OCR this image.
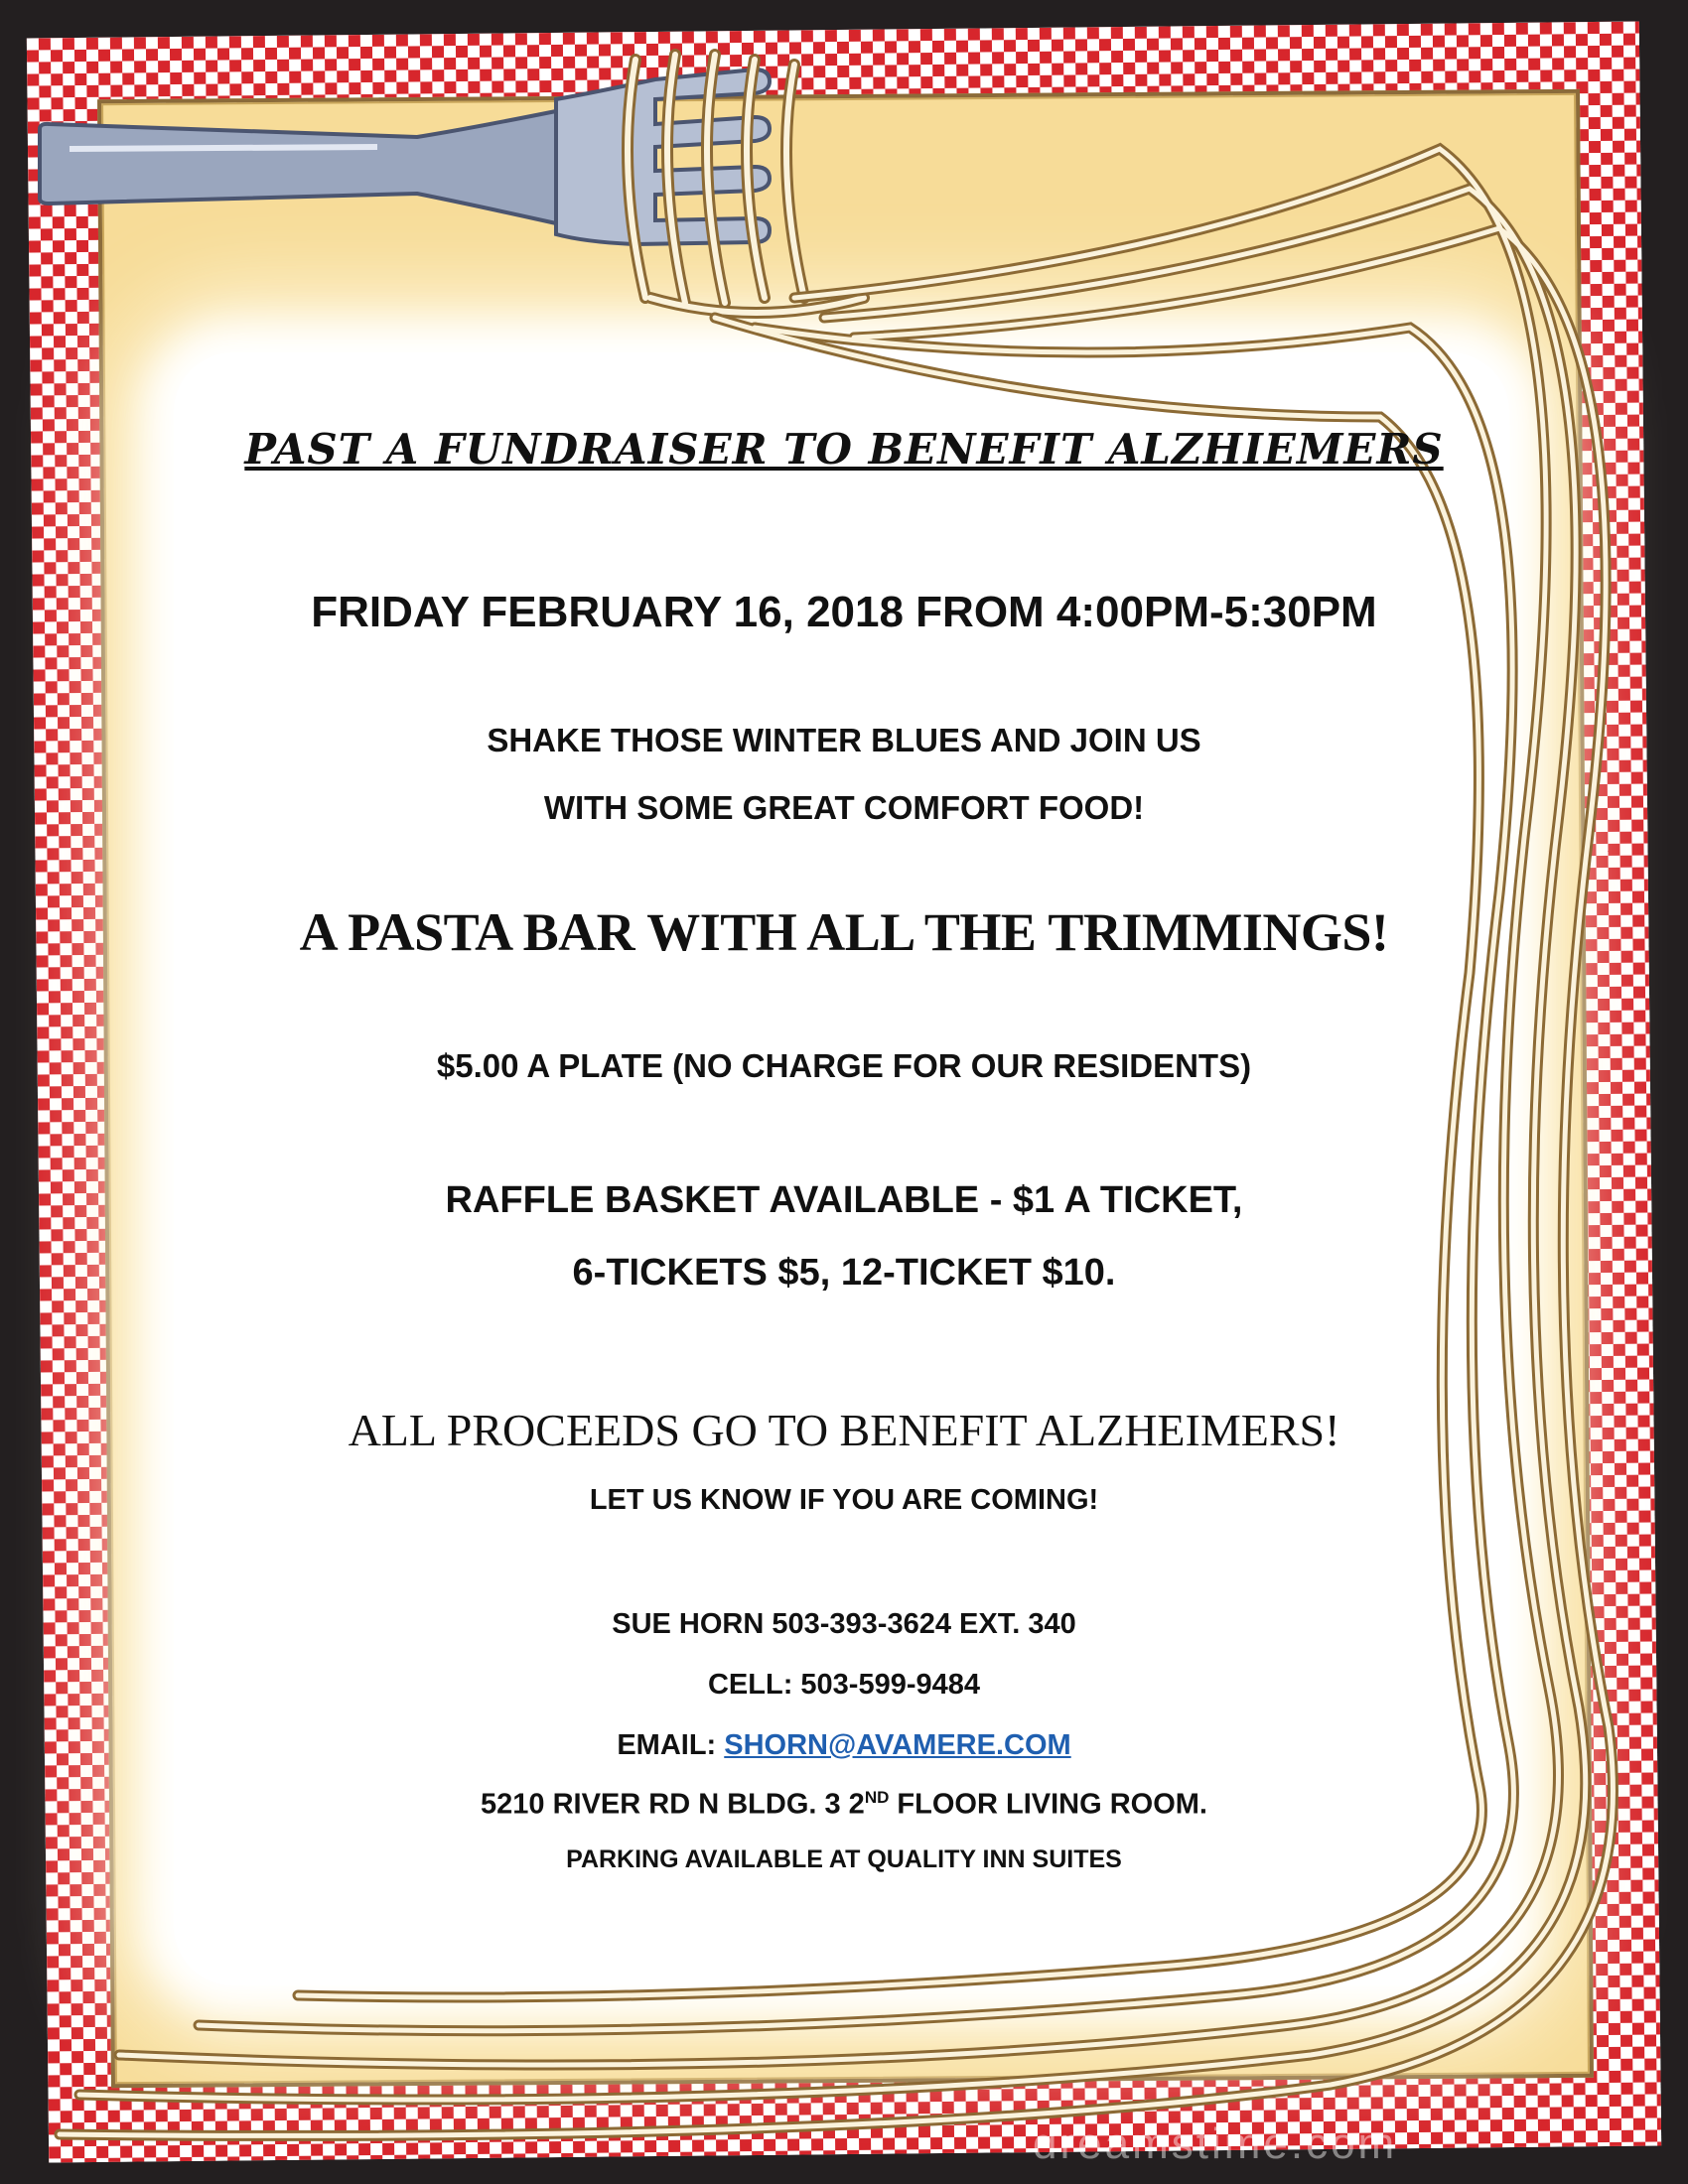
PAST A FUNDRAISER TO BENEFIT ALZHIEMERS

FRIDAY FEBRUARY 16, 2018 FROM 4:00PM-5:30PM

SHAKE THOSE WINTER BLUES AND JOIN US

WITH SOME GREAT COMFORT FOOD!

A PASTA BAR WITH ALL THE TRIMMINGS!

$5.00 A PLATE (NO CHARGE FOR OUR RESIDENTS)

RAFFLE BASKET AVAILABLE - $1 A TICKET,

6-TICKETS $5, 12-TICKET $10.

ALL PROCEEDS GO TO BENEFIT ALZHEIMERS!

LET US KNOW IF YOU ARE COMING!

SUE HORN 503-393-3624 EXT. 340

CELL: 503-599-9484

EMAIL: SHORN@AVAMERE.COM

5210 RIVER RD N BLDG. 3 2ND FLOOR LIVING ROOM.

PARKING AVAILABLE AT QUALITY INN SUITES

dreamstime.com
